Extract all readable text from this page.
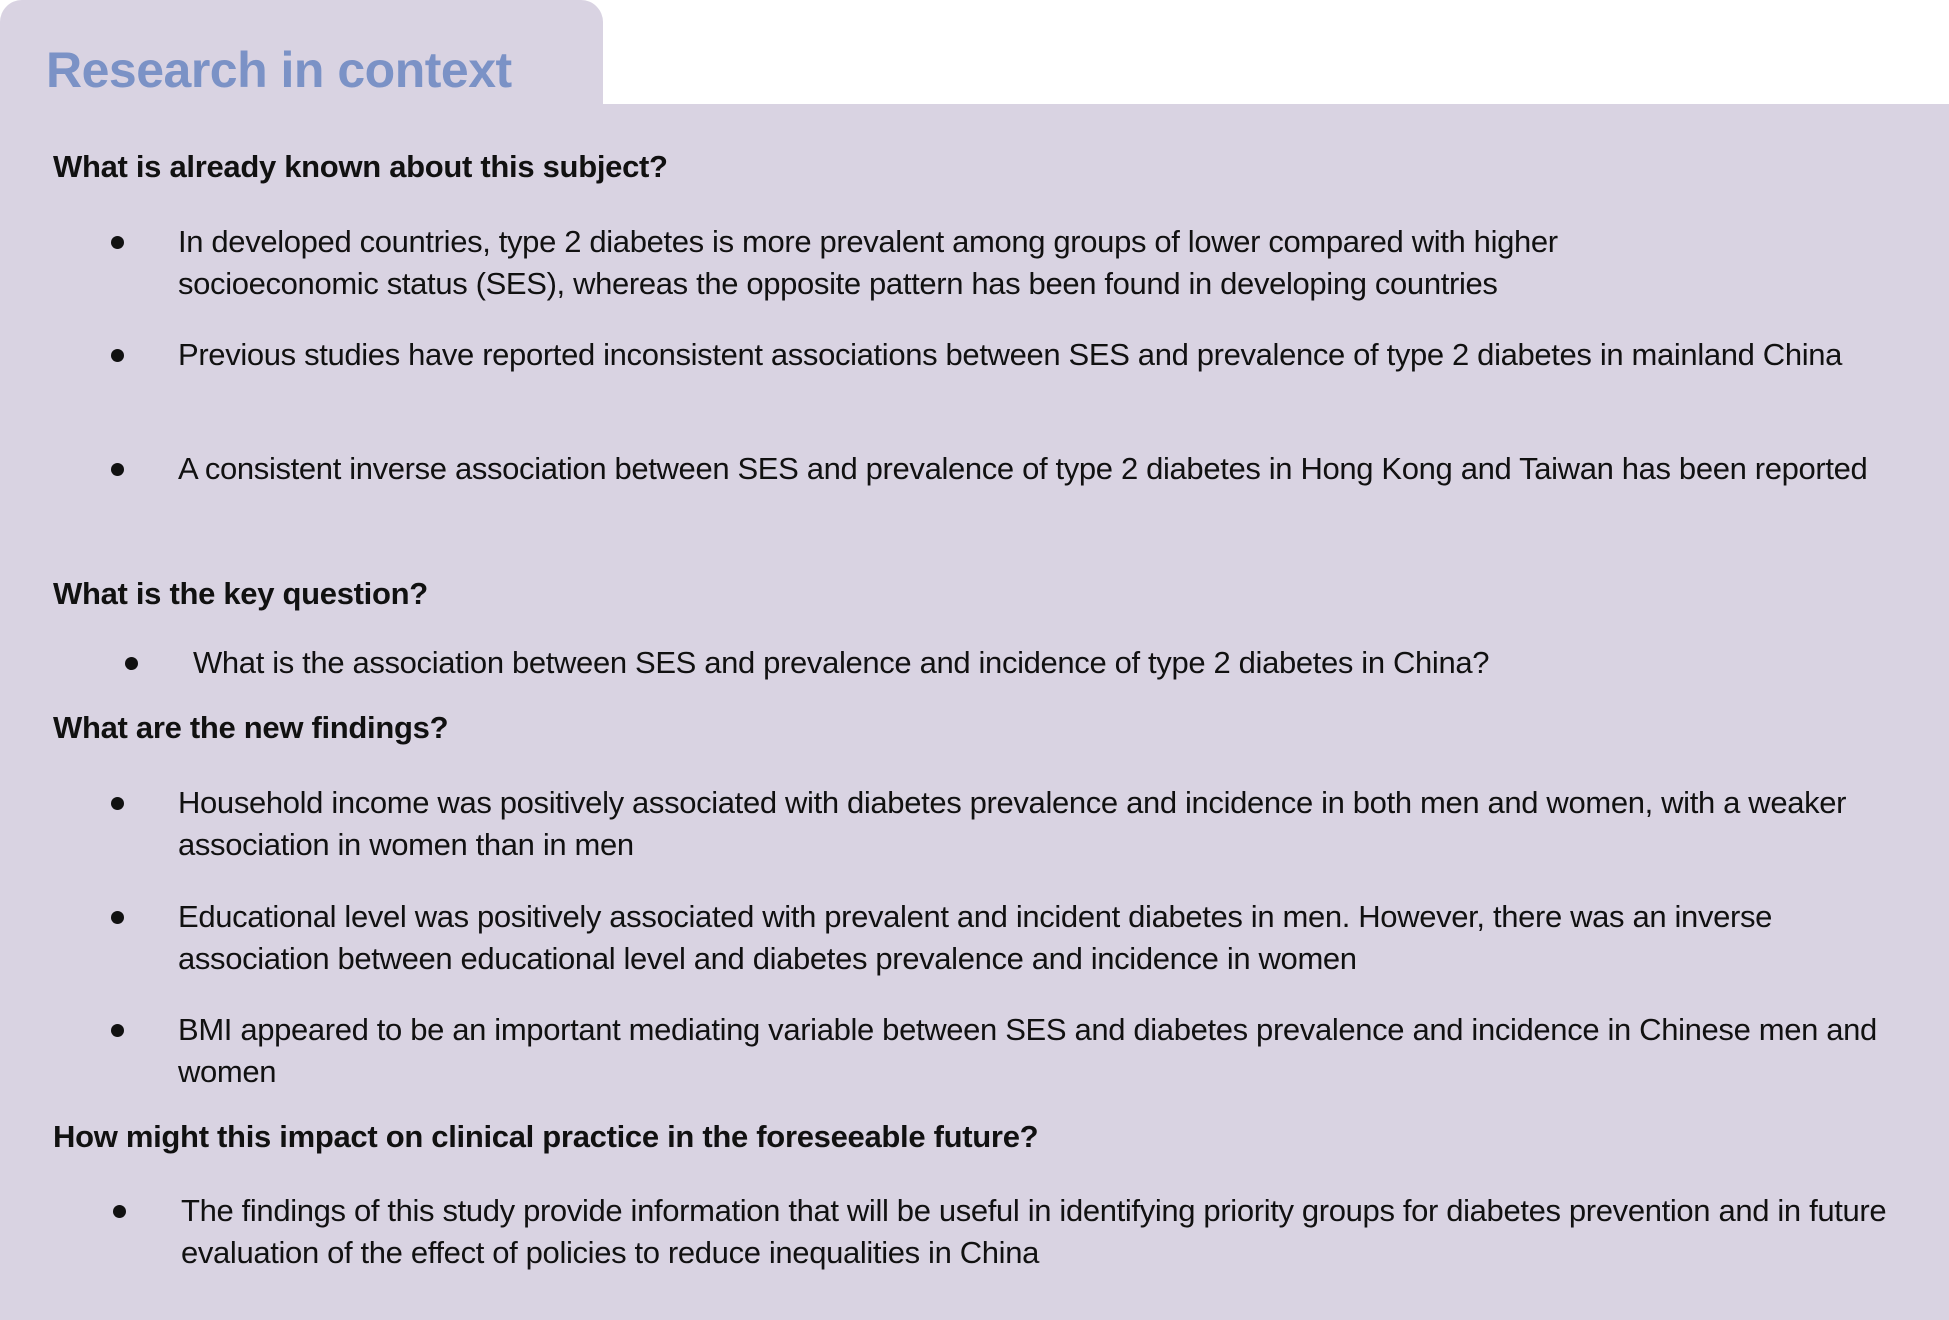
Research in context
What is already known about this subject?

In developed countries, type 2 diabetes is more prevalent among groups of lower compared with higher socioeconomic status (SES), whereas the opposite pattern has been found in developing countries

Previous studies have reported inconsistent associations between SES and prevalence of type 2 diabetes in mainland China

A consistent inverse association between SES and prevalence of type 2 diabetes in Hong Kong and Taiwan has been reported

What is the key question?

What is the association between SES and prevalence and incidence of type 2 diabetes in China?

What are the new findings?

Household income was positively associated with diabetes prevalence and incidence in both men and women, with a weaker association in women than in men

Educational level was positively associated with prevalent and incident diabetes in men. However, there was an inverse association between educational level and diabetes prevalence and incidence in women

BMI appeared to be an important mediating variable between SES and diabetes prevalence and incidence in Chinese men and women

How might this impact on clinical practice in the foreseeable future?

The findings of this study provide information that will be useful in identifying priority groups for diabetes prevention and in future evaluation of the effect of policies to reduce inequalities in China
